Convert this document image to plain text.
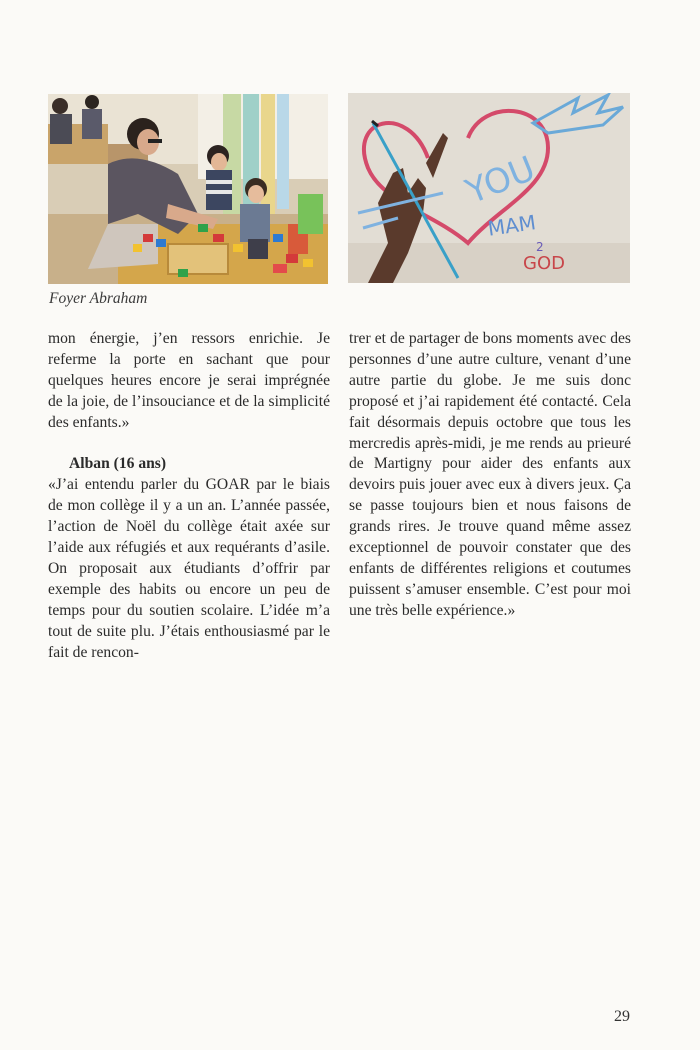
YOU
MAM
2
GOD
Foyer Abraham

mon énergie, j’en ressors enrichie. Je referme la porte en sachant que pour quelques heures encore je serai imprégnée de la joie, de l’insouciance et de la simplicité des enfants.»

Alban (16 ans)

«J’ai entendu parler du GOAR par le biais de mon collège il y a un an. L’année passée, l’action de Noël du collège était axée sur l’aide aux réfugiés et aux requérants d’asile. On proposait aux étudiants d’offrir par exemple des habits ou encore un peu de temps pour du soutien scolaire. L’idée m’a tout de suite plu. J’étais enthousiasmé par le fait de rencon-

trer et de partager de bons moments avec des personnes d’une autre culture, venant d’une autre partie du globe. Je me suis donc proposé et j’ai rapidement été contacté. Cela fait désormais depuis octobre que tous les mercredis après-midi, je me rends au prieuré de Martigny pour aider des enfants aux devoirs puis jouer avec eux à divers jeux. Ça se passe toujours bien et nous faisons de grands rires. Je trouve quand même assez exceptionnel de pouvoir constater que des enfants de différentes religions et coutumes puissent s’amuser ensemble. C’est pour moi une très belle expérience.»

29
